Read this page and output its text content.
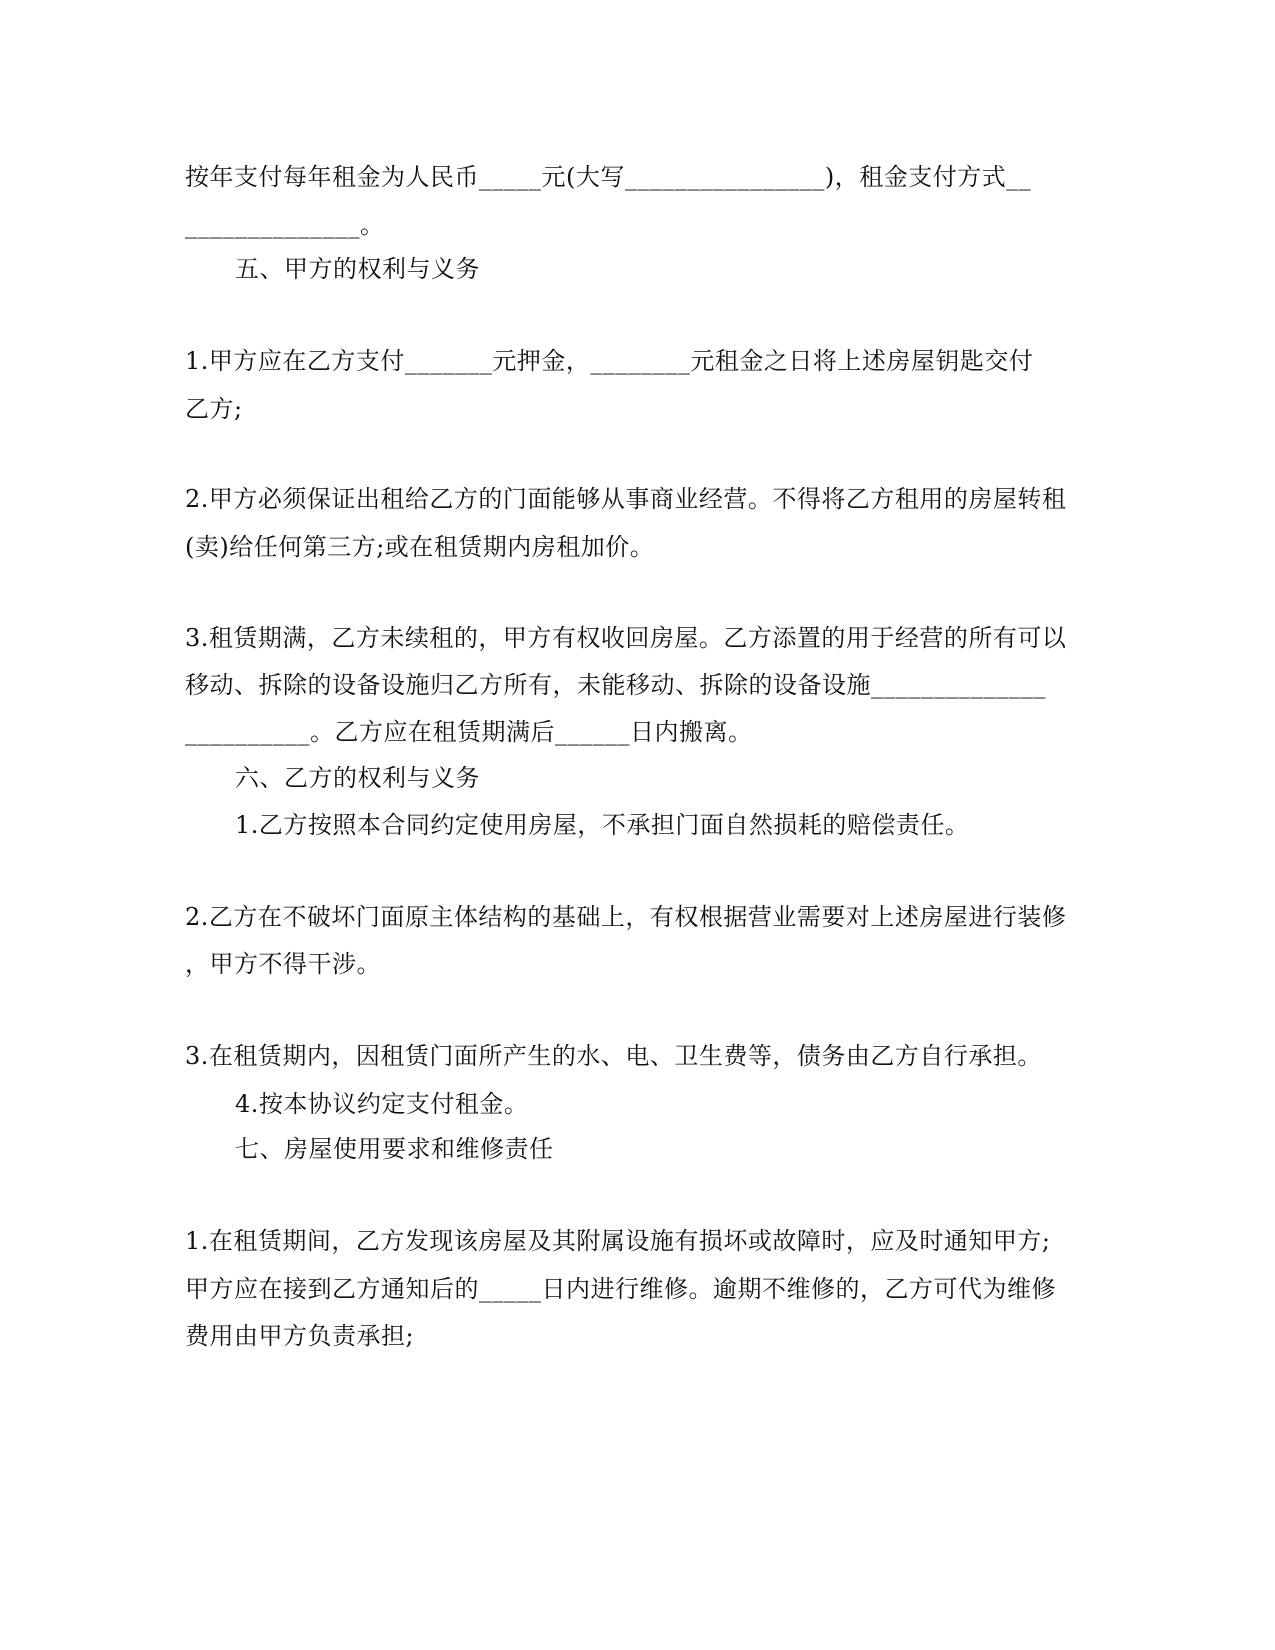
按年支付每年租金为人民币_____元(大写________________)，租金支付方式__
______________。
五、甲方的权利与义务
1.甲方应在乙方支付_______元押金，________元租金之日将上述房屋钥匙交付
乙方;
2.甲方必须保证出租给乙方的门面能够从事商业经营。不得将乙方租用的房屋转租
(卖)给任何第三方;或在租赁期内房租加价。
3.租赁期满，乙方未续租的，甲方有权收回房屋。乙方添置的用于经营的所有可以
移动、拆除的设备设施归乙方所有，未能移动、拆除的设备设施______________
__________。乙方应在租赁期满后______日内搬离。
六、乙方的权利与义务
1.乙方按照本合同约定使用房屋，不承担门面自然损耗的赔偿责任。
2.乙方在不破坏门面原主体结构的基础上，有权根据营业需要对上述房屋进行装修
，甲方不得干涉。
3.在租赁期内，因租赁门面所产生的水、电、卫生费等，债务由乙方自行承担。
4.按本协议约定支付租金。
七、房屋使用要求和维修责任
1.在租赁期间，乙方发现该房屋及其附属设施有损坏或故障时，应及时通知甲方;
甲方应在接到乙方通知后的_____日内进行维修。逾期不维修的，乙方可代为维修
费用由甲方负责承担;
